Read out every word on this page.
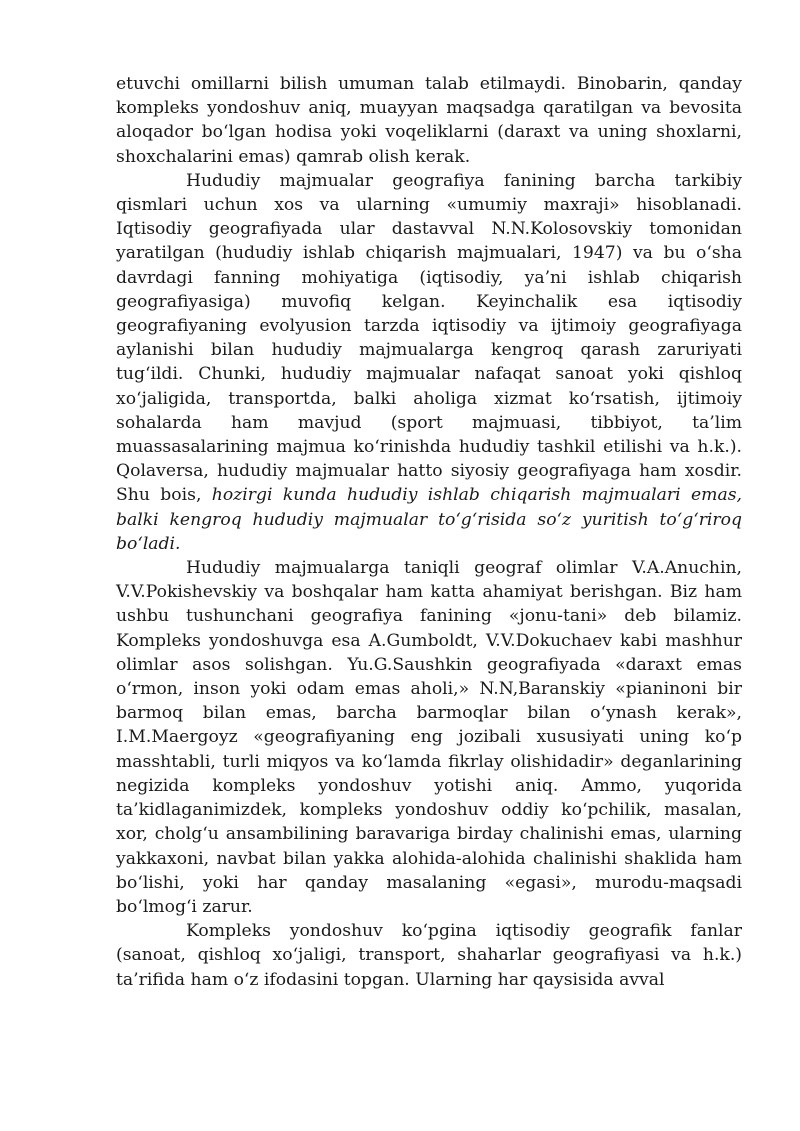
etuvchi omillarni bilish umuman talab etilmaydi. Binobarin, qanday kompleks yondoshuv aniq, muayyan maqsadga qaratilgan va bevosita aloqador bo‘lgan hodisa yoki voqeliklarni (daraxt va uning shoxlarni, shoxchalarini emas) qamrab olish kerak.

Hududiy majmualar geografiya fanining barcha tarkibiy qismlari uchun xos va ularning «umumiy maxraji» hisoblanadi. Iqtisodiy geografiyada ular dastavval N.N.Kolosovskiy tomonidan yaratilgan (hududiy ishlab chiqarish majmualari, 1947) va bu o‘sha davrdagi fanning mohiyatiga (iqtisodiy, ya’ni ishlab chiqarish geografiyasiga) muvofiq kelgan. Keyinchalik esa iqtisodiy geografiyaning evolyusion tarzda iqtisodiy va ijtimoiy geografiyaga aylanishi bilan hududiy majmualarga kengroq qarash zaruriyati tug‘ildi. Chunki, hududiy majmualar nafaqat sanoat yoki qishloq xo‘jaligida, transportda, balki aholiga xizmat ko‘rsatish, ijtimoiy sohalarda ham mavjud (sport majmuasi, tibbiyot, ta’lim muassasalarining majmua ko‘rinishda hududiy tashkil etilishi va h.k.). Qolaversa, hududiy majmualar hatto siyosiy geografiyaga ham xosdir. Shu bois, hozirgi kunda hududiy ishlab chiqarish majmualari emas, balki kengroq hududiy majmualar to‘g‘risida so‘z yuritish to‘g‘riroq bo‘ladi.

Hududiy majmualarga taniqli geograf olimlar V.A.Anuchin, V.V.Pokishevskiy va boshqalar ham katta ahamiyat berishgan. Biz ham ushbu tushunchani geografiya fanining «jonu-tani» deb bilamiz. Kompleks yondoshuvga esa A.Gumboldt, V.V.Dokuchaev kabi mashhur olimlar asos solishgan. Yu.G.Saushkin geografiyada «daraxt emas o‘rmon, inson yoki odam emas aholi,» N.N,Baranskiy «pianinoni bir barmoq bilan emas, barcha barmoqlar bilan o‘ynash kerak», I.M.Maergoyz «geografiyaning eng jozibali xususiyati uning ko‘p masshtabli, turli miqyos va ko‘lamda fikrlay olishidadir» deganlarining negizida kompleks yondoshuv yotishi aniq. Ammo, yuqorida ta’kidlaganimizdek, kompleks yondoshuv oddiy ko‘pchilik, masalan, xor, cholg‘u ansambilining baravariga birday chalinishi emas, ularning yakkaxoni, navbat bilan yakka alohida-alohida chalinishi shaklida ham bo‘lishi, yoki har qanday masalaning «egasi», murodu-maqsadi bo‘lmog‘i zarur.

Kompleks yondoshuv ko‘pgina iqtisodiy geografik fanlar (sanoat, qishloq xo‘jaligi, transport, shaharlar geografiyasi va h.k.) ta’rifida ham o‘z ifodasini topgan. Ularning har qaysisida avval
